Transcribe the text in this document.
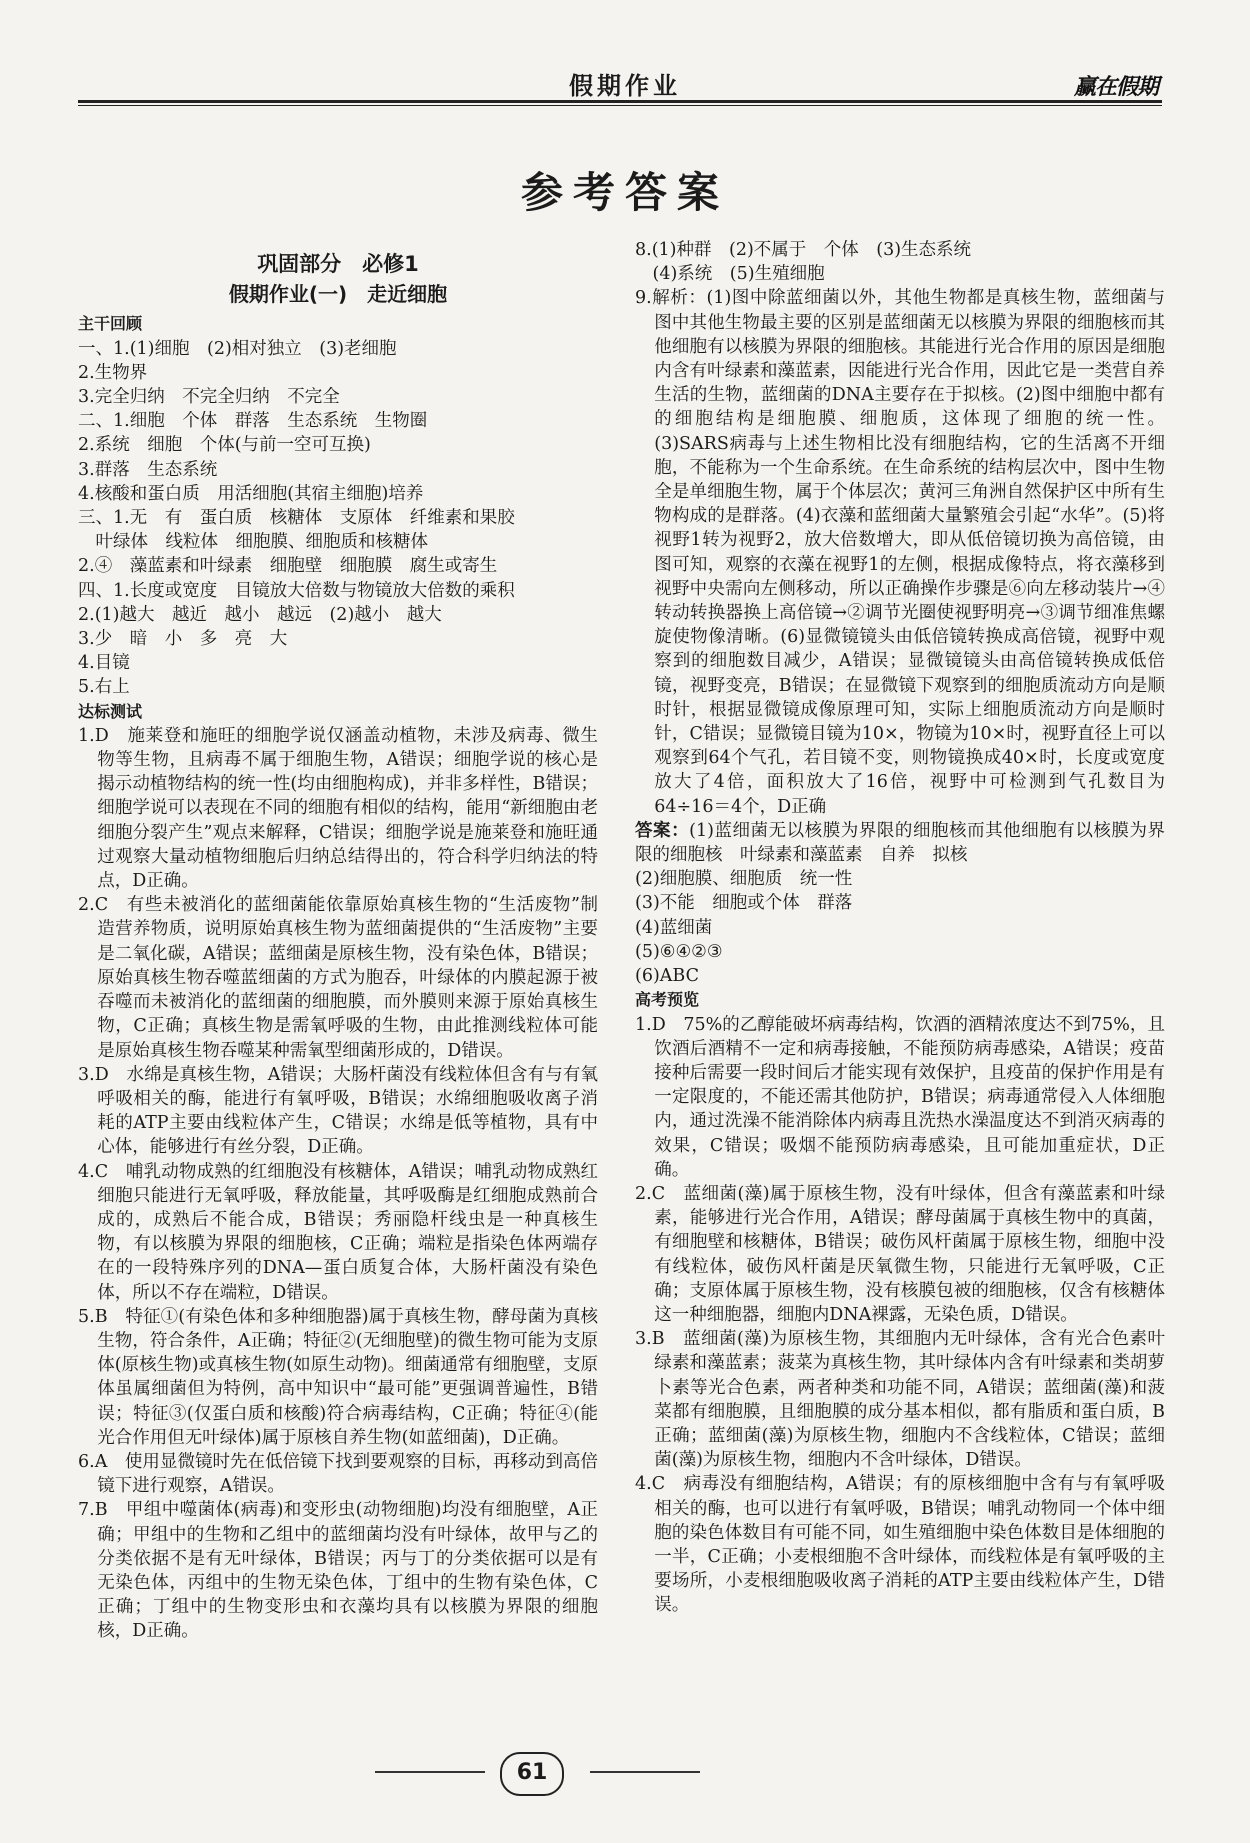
假期作业	赢在假期
参考答案
巩固部分　必修1
假期作业(一)　走近细胞
主干回顾

一、1.(1)细胞　(2)相对独立　(3)老细胞

2.生物界

3.完全归纳　不完全归纳　不完全

二、1.细胞　个体　群落　生态系统　生物圈

2.系统　细胞　个体(与前一空可互换)

3.群落　生态系统

4.核酸和蛋白质　用活细胞(其宿主细胞)培养

三、1.无　有　蛋白质　核糖体　支原体　纤维素和果胶

　叶绿体　线粒体　细胞膜、细胞质和核糖体

2.④　藻蓝素和叶绿素　细胞壁　细胞膜　腐生或寄生

四、1.长度或宽度　目镜放大倍数与物镜放大倍数的乘积

2.(1)越大　越近　越小　越远　(2)越小　越大

3.少　暗　小　多　亮　大

4.目镜

5.右上

达标测试

1.D　施莱登和施旺的细胞学说仅涵盖动植物，未涉及病毒、微生物等生物，且病毒不属于细胞生物，A错误；细胞学说的核心是揭示动植物结构的统一性(均由细胞构成)，并非多样性，B错误；细胞学说可以表现在不同的细胞有相似的结构，能用“新细胞由老细胞分裂产生”观点来解释，C错误；细胞学说是施莱登和施旺通过观察大量动植物细胞后归纳总结得出的，符合科学归纳法的特点，D正确。

2.C　有些未被消化的蓝细菌能依靠原始真核生物的“生活废物”制造营养物质，说明原始真核生物为蓝细菌提供的“生活废物”主要是二氧化碳，A错误；蓝细菌是原核生物，没有染色体，B错误；原始真核生物吞噬蓝细菌的方式为胞吞，叶绿体的内膜起源于被吞噬而未被消化的蓝细菌的细胞膜，而外膜则来源于原始真核生物，C正确；真核生物是需氧呼吸的生物，由此推测线粒体可能是原始真核生物吞噬某种需氧型细菌形成的，D错误。

3.D　水绵是真核生物，A错误；大肠杆菌没有线粒体但含有与有氧呼吸相关的酶，能进行有氧呼吸，B错误；水绵细胞吸收离子消耗的ATP主要由线粒体产生，C错误；水绵是低等植物，具有中心体，能够进行有丝分裂，D正确。

4.C　哺乳动物成熟的红细胞没有核糖体，A错误；哺乳动物成熟红细胞只能进行无氧呼吸，释放能量，其呼吸酶是红细胞成熟前合成的，成熟后不能合成，B错误；秀丽隐杆线虫是一种真核生物，有以核膜为界限的细胞核，C正确；端粒是指染色体两端存在的一段特殊序列的DNA—蛋白质复合体，大肠杆菌没有染色体，所以不存在端粒，D错误。

5.B　特征①(有染色体和多种细胞器)属于真核生物，酵母菌为真核生物，符合条件，A正确；特征②(无细胞壁)的微生物可能为支原体(原核生物)或真核生物(如原生动物)。细菌通常有细胞壁，支原体虽属细菌但为特例，高中知识中“最可能”更强调普遍性，B错误；特征③(仅蛋白质和核酸)符合病毒结构，C正确；特征④(能光合作用但无叶绿体)属于原核自养生物(如蓝细菌)，D正确。

6.A　使用显微镜时先在低倍镜下找到要观察的目标，再移动到高倍镜下进行观察，A错误。

7.B　甲组中噬菌体(病毒)和变形虫(动物细胞)均没有细胞壁，A正确；甲组中的生物和乙组中的蓝细菌均没有叶绿体，故甲与乙的分类依据不是有无叶绿体，B错误；丙与丁的分类依据可以是有无染色体，丙组中的生物无染色体，丁组中的生物有染色体，C正确；丁组中的生物变形虫和衣藻均具有以核膜为界限的细胞核，D正确。

8.(1)种群　(2)不属于　个体　(3)生态系统

　(4)系统　(5)生殖细胞

9.解析：(1)图中除蓝细菌以外，其他生物都是真核生物，蓝细菌与图中其他生物最主要的区别是蓝细菌无以核膜为界限的细胞核而其他细胞有以核膜为界限的细胞核。其能进行光合作用的原因是细胞内含有叶绿素和藻蓝素，因能进行光合作用，因此它是一类营自养生活的生物，蓝细菌的DNA主要存在于拟核。(2)图中细胞中都有的细胞结构是细胞膜、细胞质，这体现了细胞的统一性。(3)SARS病毒与上述生物相比没有细胞结构，它的生活离不开细胞，不能称为一个生命系统。在生命系统的结构层次中，图中生物全是单细胞生物，属于个体层次；黄河三角洲自然保护区中所有生物构成的是群落。(4)衣藻和蓝细菌大量繁殖会引起“水华”。(5)将视野1转为视野2，放大倍数增大，即从低倍镜切换为高倍镜，由图可知，观察的衣藻在视野1的左侧，根据成像特点，将衣藻移到视野中央需向左侧移动，所以正确操作步骤是⑥向左移动装片→④转动转换器换上高倍镜→②调节光圈使视野明亮→③调节细准焦螺旋使物像清晰。(6)显微镜镜头由低倍镜转换成高倍镜，视野中观察到的细胞数目减少，A错误；显微镜镜头由高倍镜转换成低倍镜，视野变亮，B错误；在显微镜下观察到的细胞质流动方向是顺时针，根据显微镜成像原理可知，实际上细胞质流动方向是顺时针，C错误；显微镜目镜为10×，物镜为10×时，视野直径上可以观察到64个气孔，若目镜不变，则物镜换成40×时，长度或宽度放大了4倍，面积放大了16倍，视野中可检测到气孔数目为64÷16＝4个，D正确

答案：(1)蓝细菌无以核膜为界限的细胞核而其他细胞有以核膜为界限的细胞核　叶绿素和藻蓝素　自养　拟核

(2)细胞膜、细胞质　统一性

(3)不能　细胞或个体　群落

(4)蓝细菌

(5)⑥④②③

(6)ABC

高考预览

1.D　75%的乙醇能破坏病毒结构，饮酒的酒精浓度达不到75%，且饮酒后酒精不一定和病毒接触，不能预防病毒感染，A错误；疫苗接种后需要一段时间后才能实现有效保护，且疫苗的保护作用是有一定限度的，不能还需其他防护，B错误；病毒通常侵入人体细胞内，通过洗澡不能消除体内病毒且洗热水澡温度达不到消灭病毒的效果，C错误；吸烟不能预防病毒感染，且可能加重症状，D正确。

2.C　蓝细菌(藻)属于原核生物，没有叶绿体，但含有藻蓝素和叶绿素，能够进行光合作用，A错误；酵母菌属于真核生物中的真菌，有细胞壁和核糖体，B错误；破伤风杆菌属于原核生物，细胞中没有线粒体，破伤风杆菌是厌氧微生物，只能进行无氧呼吸，C正确；支原体属于原核生物，没有核膜包被的细胞核，仅含有核糖体这一种细胞器，细胞内DNA裸露，无染色质，D错误。

3.B　蓝细菌(藻)为原核生物，其细胞内无叶绿体，含有光合色素叶绿素和藻蓝素；菠菜为真核生物，其叶绿体内含有叶绿素和类胡萝卜素等光合色素，两者种类和功能不同，A错误；蓝细菌(藻)和菠菜都有细胞膜，且细胞膜的成分基本相似，都有脂质和蛋白质，B正确；蓝细菌(藻)为原核生物，细胞内不含线粒体，C错误；蓝细菌(藻)为原核生物，细胞内不含叶绿体，D错误。

4.C　病毒没有细胞结构，A错误；有的原核细胞中含有与有氧呼吸相关的酶，也可以进行有氧呼吸，B错误；哺乳动物同一个体中细胞的染色体数目有可能不同，如生殖细胞中染色体数目是体细胞的一半，C正确；小麦根细胞不含叶绿体，而线粒体是有氧呼吸的主要场所，小麦根细胞吸收离子消耗的ATP主要由线粒体产生，D错误。

61
